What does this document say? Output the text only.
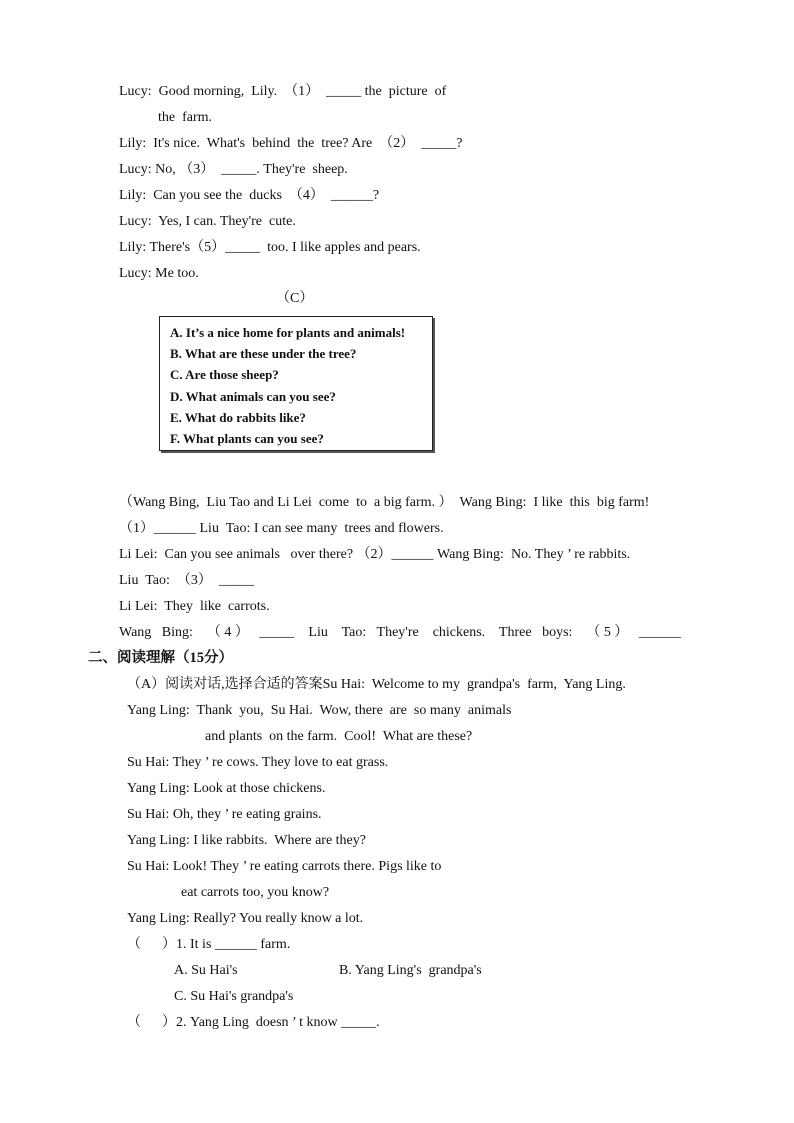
Lucy:  Good morning,  Lily.  （1）  _____ the  picture  of
the  farm.
Lily:  It's nice.  What's  behind  the  tree? Are  （2）  _____?
Lucy: No, （3）  _____. They're  sheep.
Lily:  Can you see the  ducks  （4）  ______?
Lucy:  Yes, I can. They're  cute.
Lily: There's（5）_____  too. I like apples and pears.
Lucy: Me too.
（C）
A. It’s a nice home for plants and animals!
B. What are these under the tree?
C. Are those sheep?
D. What animals can you see?
E. What do rabbits like?
F. What plants can you see?
（Wang Bing,  Liu Tao and Li Lei  come  to  a big farm. ）  Wang Bing:  I like  this  big farm!
（1）______ Liu  Tao: I can see many  trees and flowers.
Li Lei:  Can you see animals   over there? （2）______ Wang Bing:  No. They ’ re rabbits.
Liu  Tao:  （3）  _____
Li Lei:  They  like  carrots.
Wang   Bing:    （ 4 ）   _____    Liu    Tao:   They're    chickens.    Three   boys:    （ 5 ）   ______
二、阅读理解（15分）
（A）阅读对话,选择合适的答案Su Hai:  Welcome to my  grandpa's  farm,  Yang Ling.
Yang Ling:  Thank  you,  Su Hai.  Wow, there  are  so many  animals
and plants  on the farm.  Cool!  What are these?
Su Hai: They ’ re cows. They love to eat grass.
Yang Ling: Look at those chickens.
Su Hai: Oh, they ’ re eating grains.
Yang Ling: I like rabbits.  Where are they?
Su Hai: Look! They ’ re eating carrots there. Pigs like to
eat carrots too, you know?
Yang Ling: Really? You really know a lot.
（      ）1. It is ______ farm.
A. Su Hai's	B. Yang Ling's  grandpa's
C. Su Hai's grandpa's
（      ）2. Yang Ling  doesn ’ t know _____.
